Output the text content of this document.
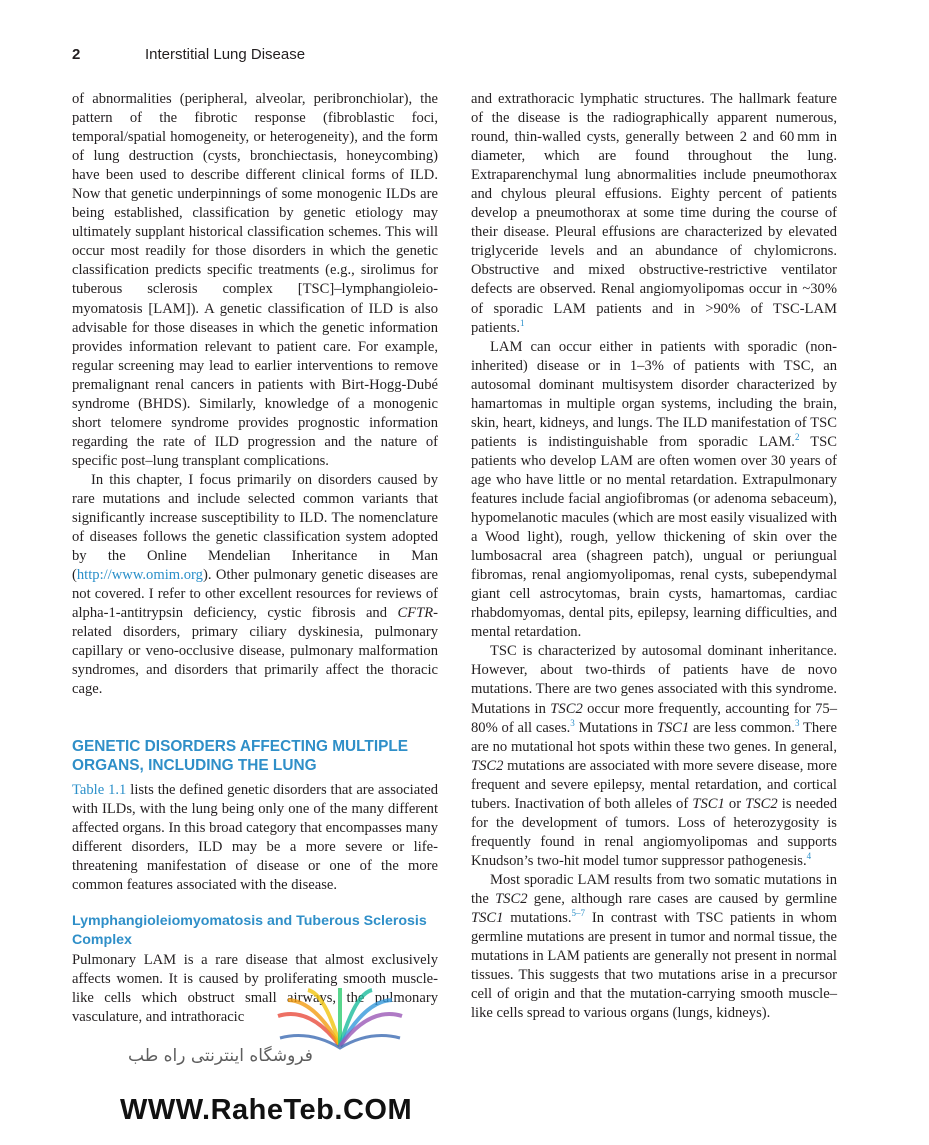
2	Interstitial Lung Disease

of abnormalities (peripheral, alveolar, peribronchiolar), the pattern of the fibrotic response (fibroblastic foci, temporal/spatial homogeneity, or heterogeneity), and the form of lung destruction (cysts, bronchiectasis, honeycombing) have been used to describe different clinical forms of ILD. Now that genetic underpinnings of some monogenic ILDs are being established, classification by genetic etiology may ultimately supplant historical classification schemes. This will occur most readily for those disorders in which the genetic classification predicts specific treatments (e.g., sirolimus for tuberous sclerosis complex [TSC]–lymphangioleiomyomatosis [LAM]). A genetic classification of ILD is also advisable for those diseases in which the genetic information provides information relevant to patient care. For example, regular screening may lead to earlier interventions to remove premalignant renal cancers in patients with Birt-Hogg-Dubé syndrome (BHDS). Similarly, knowledge of a monogenic short telomere syndrome provides prognostic information regarding the rate of ILD progression and the nature of specific post–lung transplant complications.

In this chapter, I focus primarily on disorders caused by rare mutations and include selected common variants that significantly increase susceptibility to ILD. The nomenclature of diseases follows the genetic classification system adopted by the Online Mendelian Inheritance in Man (http://www.omim.org). Other pulmonary genetic diseases are not covered. I refer to other excellent resources for reviews of alpha-1-antitrypsin deficiency, cystic fibrosis and CFTR-related disorders, primary ciliary dyskinesia, pulmonary capillary or veno-occlusive disease, pulmonary malformation syndromes, and disorders that primarily affect the thoracic cage.

GENETIC DISORDERS AFFECTING MULTIPLE ORGANS, INCLUDING THE LUNG

Table 1.1 lists the defined genetic disorders that are associated with ILDs, with the lung being only one of the many different affected organs. In this broad category that encompasses many different disorders, ILD may be a more severe or life-threatening manifestation of disease or one of the more common features associated with the disease.

Lymphangioleiomyomatosis and Tuberous Sclerosis Complex

Pulmonary LAM is a rare disease that almost exclusively affects women. It is caused by proliferating smooth muscle-like cells which obstruct small airways, the pulmonary vasculature, and intrathoracic

and extrathoracic lymphatic structures. The hallmark feature of the disease is the radiographically apparent numerous, round, thin-walled cysts, generally between 2 and 60 mm in diameter, which are found throughout the lung. Extraparenchymal lung abnormalities include pneumothorax and chylous pleural effusions. Eighty percent of patients develop a pneumothorax at some time during the course of their disease. Pleural effusions are characterized by elevated triglyceride levels and an abundance of chylomicrons. Obstructive and mixed obstructive-restrictive ventilator defects are observed. Renal angiomyolipomas occur in ~30% of sporadic LAM patients and in >90% of TSC-LAM patients.$^1$

LAM can occur either in patients with sporadic (noninherited) disease or in 1–3% of patients with TSC, an autosomal dominant multisystem disorder characterized by hamartomas in multiple organ systems, including the brain, skin, heart, kidneys, and lungs. The ILD manifestation of TSC patients is indistinguishable from sporadic LAM.$^2$ TSC patients who develop LAM are often women over 30 years of age who have little or no mental retardation. Extrapulmonary features include facial angiofibromas (or adenoma sebaceum), hypomelanotic macules (which are most easily visualized with a Wood light), rough, yellow thickening of skin over the lumbosacral area (shagreen patch), ungual or periungual fibromas, renal angiomyolipomas, renal cysts, subependymal giant cell astrocytomas, brain cysts, hamartomas, cardiac rhabdomyomas, dental pits, epilepsy, learning difficulties, and mental retardation.

TSC is characterized by autosomal dominant inheritance. However, about two-thirds of patients have de novo mutations. There are two genes associated with this syndrome. Mutations in TSC2 occur more frequently, accounting for 75–80% of all cases.$^3$ Mutations in TSC1 are less common.$^3$ There are no mutational hot spots within these two genes. In general, TSC2 mutations are associated with more severe disease, more frequent and severe epilepsy, mental retardation, and cortical tubers. Inactivation of both alleles of TSC1 or TSC2 is needed for the development of tumors. Loss of heterozygosity is frequently found in renal angiomyolipomas and supports Knudson’s two-hit model tumor suppressor pathogenesis.$^4$

Most sporadic LAM results from two somatic mutations in the TSC2 gene, although rare cases are caused by germline TSC1 mutations.$^{5-7}$ In contrast with TSC patients in whom germline mutations are present in tumor and normal tissue, the mutations in LAM patients are generally not present in normal tissues. This suggests that two mutations arise in a precursor cell of origin and that the mutation-carrying smooth muscle–like cells spread to various organs (lungs, kidneys).

فروشگاه اینترنتی راه طب
WWW.RaheTeb.COM
